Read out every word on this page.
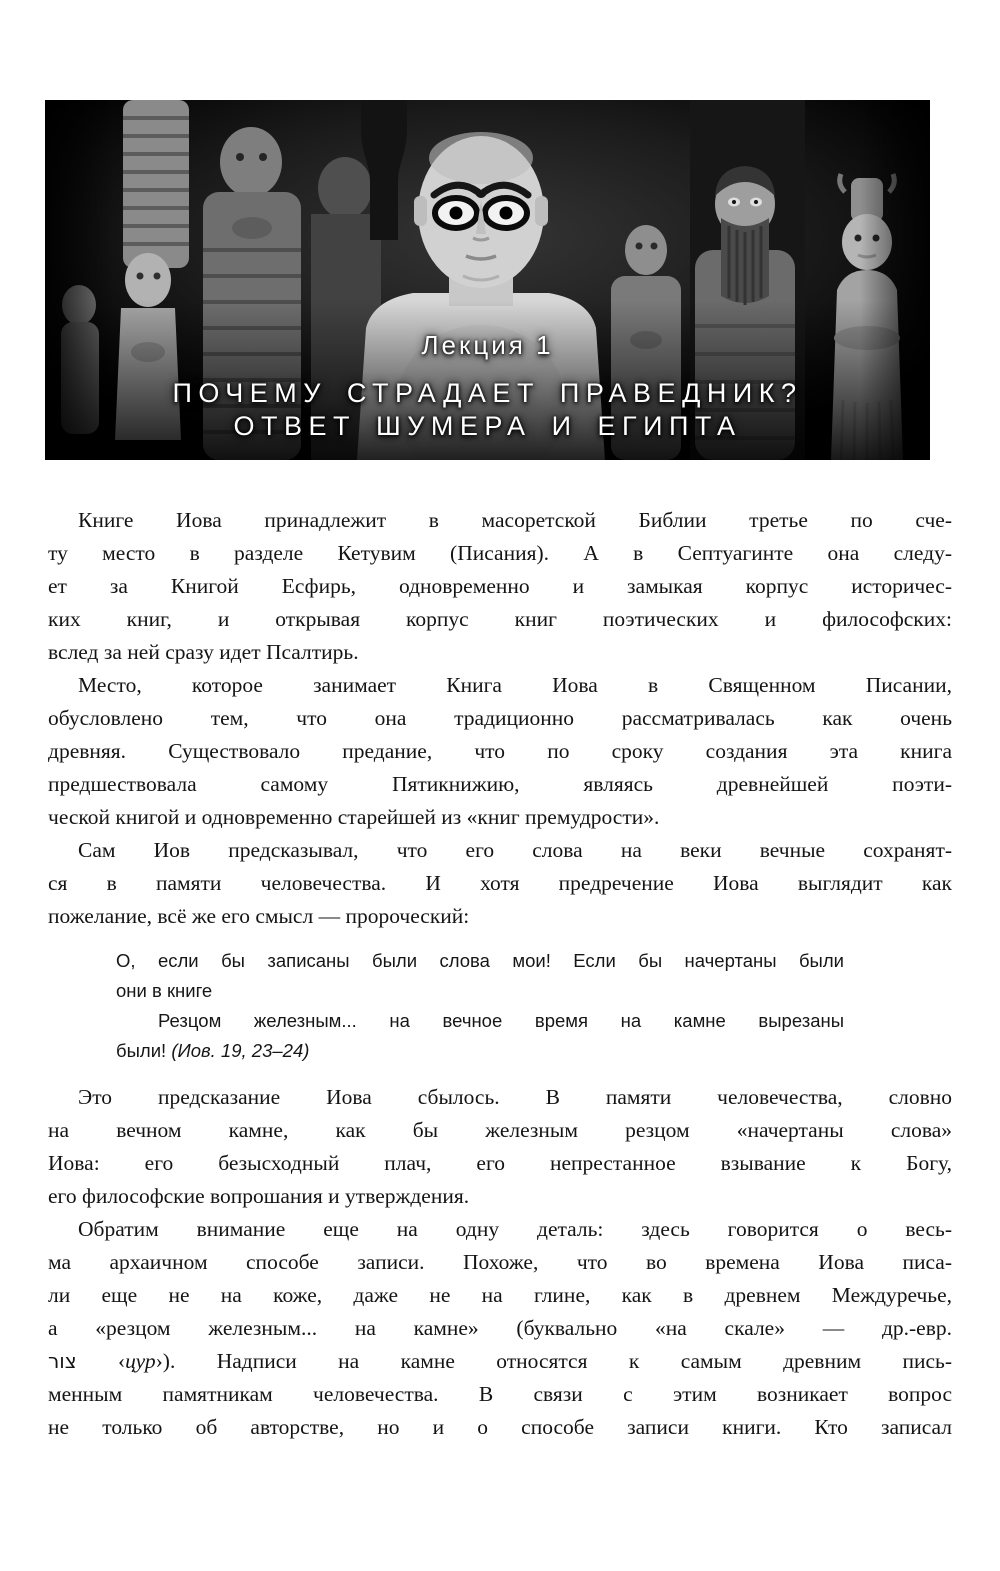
Лекция 1
ПОЧЕМУ СТРАДАЕТ ПРАВЕДНИК?
ОТВЕТ ШУМЕРА И ЕГИПТА
Книге Иова принадлежит в масоретской Библии третье по сче-
ту место в разделе Кетувим (Писания). А в Септуагинте она следу-
ет за Книгой Есфирь, одновременно и замыкая корпус историчес-
ких книг, и открывая корпус книг поэтических и философских:
вслед за ней сразу идет Псалтирь.
Место, которое занимает Книга Иова в Священном Писании,
обусловлено тем, что она традиционно рассматривалась как очень
древняя. Существовало предание, что по сроку создания эта книга
предшествовала самому Пятикнижию, являясь древнейшей поэти-
ческой книгой и одновременно старейшей из «книг премудрости».
Сам Иов предсказывал, что его слова на веки вечные сохранят-
ся в памяти человечества. И хотя предречение Иова выглядит как
пожелание, всё же его смысл — пророческий:
О, если бы записаны были слова мои! Если бы начертаны были
они в книге
Резцом железным... на вечное время на камне вырезаны
были! (Иов. 19, 23–24)
Это предсказание Иова сбылось. В памяти человечества, словно
на вечном камне, как бы железным резцом «начертаны слова»
Иова: его безысходный плач, его непрестанное взывание к Богу,
его философские вопрошания и утверждения.
Обратим внимание еще на одну деталь: здесь говорится о весь-
ма архаичном способе записи. Похоже, что во времена Иова писа-
ли еще не на коже, даже не на глине, как в древнем Междуречье,
а «резцом железным... на камне» (буквально «на скале» — др.-евр.
צור ‹цур›). Надписи на камне относятся к самым древним пись-
менным памятникам человечества. В связи с этим возникает вопрос
не только об авторстве, но и о способе записи книги. Кто записал
